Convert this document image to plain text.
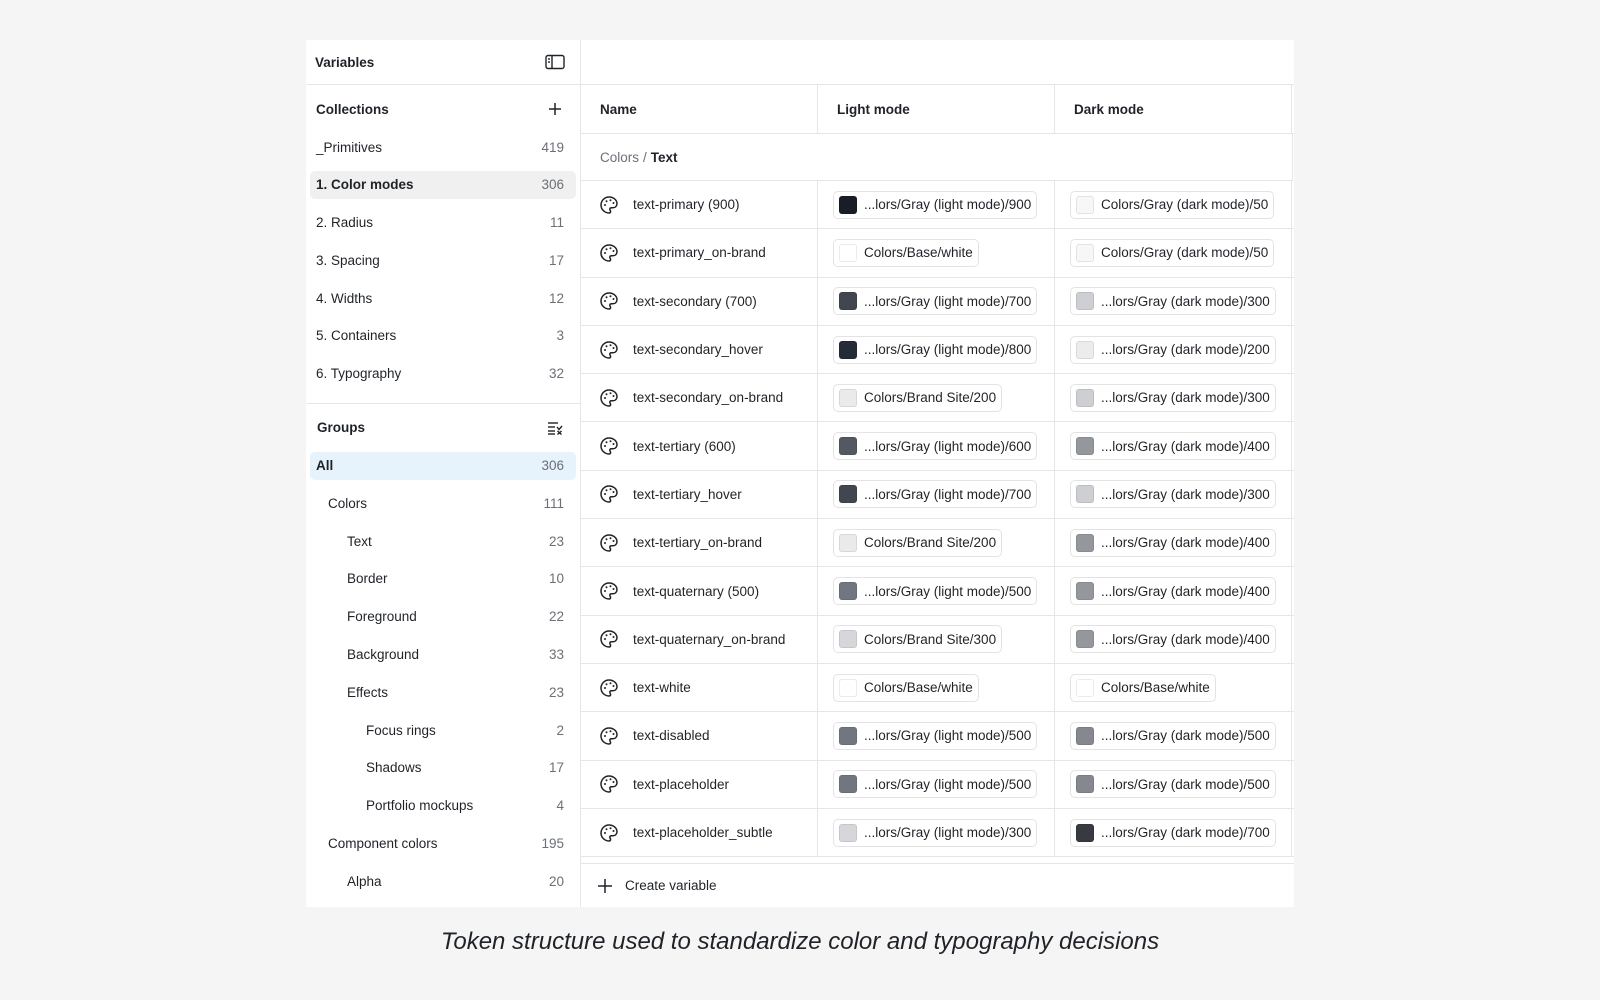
Variables
Collections
_Primitives	419
1. Color modes	306
2. Radius	11
3. Spacing	17
4. Widths	12
5. Containers	3
6. Typography	32
Groups
All	306
Colors	111
Text	23
Border	10
Foreground	22
Background	33
Effects	23
Focus rings	2
Shadows	17
Portfolio mockups	4
Component colors	195
Alpha	20
Name	Light mode	Dark mode
Colors / Text
text-primary (900)	...lors/Gray (light mode)/900	Colors/Gray (dark mode)/50
text-primary_on-brand	Colors/Base/white	Colors/Gray (dark mode)/50
text-secondary (700)	...lors/Gray (light mode)/700	...lors/Gray (dark mode)/300
text-secondary_hover	...lors/Gray (light mode)/800	...lors/Gray (dark mode)/200
text-secondary_on-brand	Colors/Brand Site/200	...lors/Gray (dark mode)/300
text-tertiary (600)	...lors/Gray (light mode)/600	...lors/Gray (dark mode)/400
text-tertiary_hover	...lors/Gray (light mode)/700	...lors/Gray (dark mode)/300
text-tertiary_on-brand	Colors/Brand Site/200	...lors/Gray (dark mode)/400
text-quaternary (500)	...lors/Gray (light mode)/500	...lors/Gray (dark mode)/400
text-quaternary_on-brand	Colors/Brand Site/300	...lors/Gray (dark mode)/400
text-white	Colors/Base/white	Colors/Base/white
text-disabled	...lors/Gray (light mode)/500	...lors/Gray (dark mode)/500
text-placeholder	...lors/Gray (light mode)/500	...lors/Gray (dark mode)/500
text-placeholder_subtle	...lors/Gray (light mode)/300	...lors/Gray (dark mode)/700
Create variable
Token structure used to standardize color and typography decisions
